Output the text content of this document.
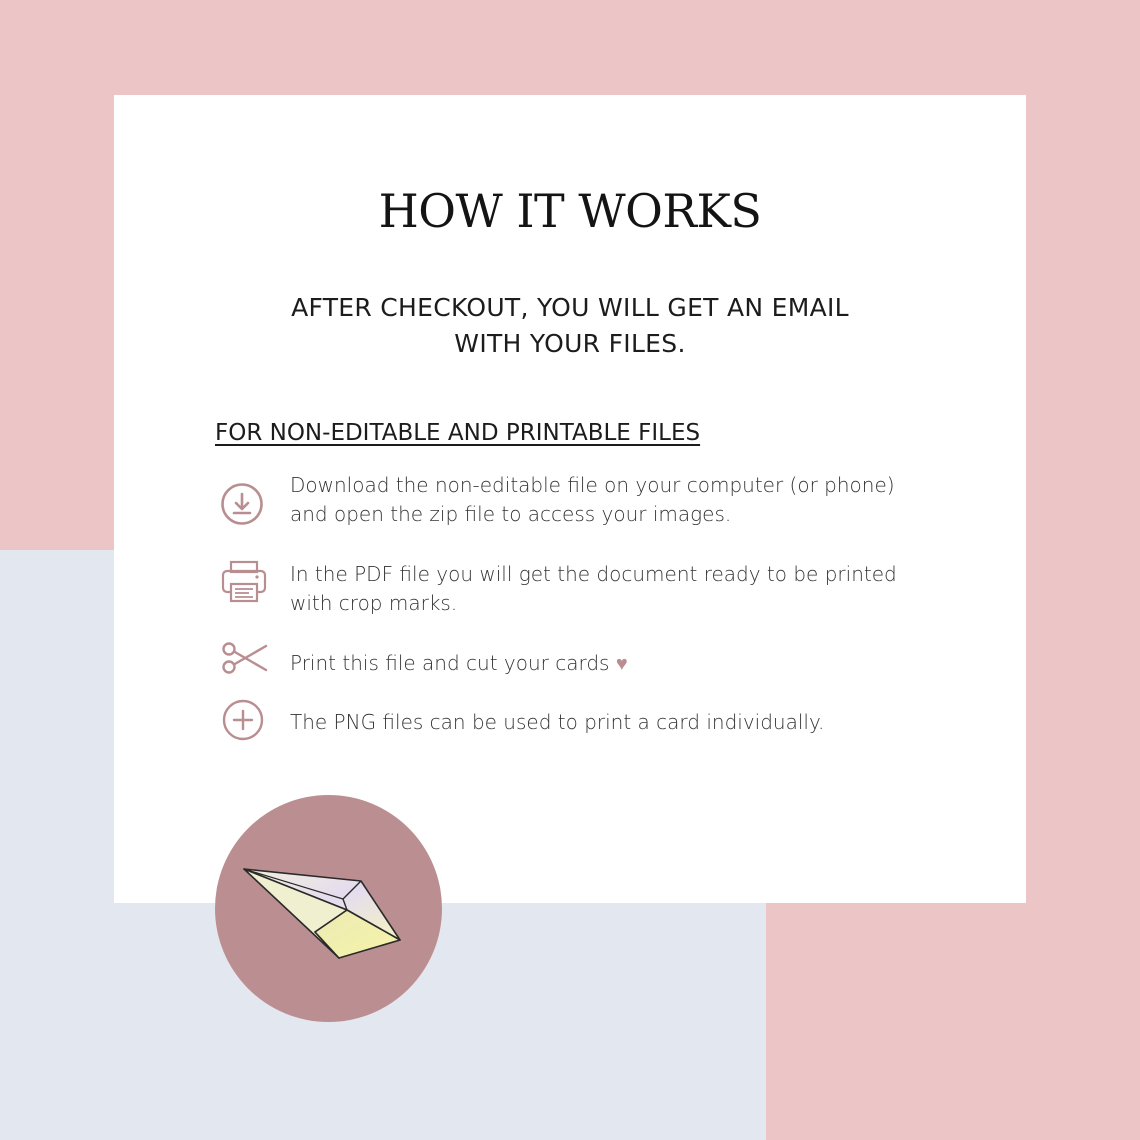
HOW IT WORKS
AFTER CHECKOUT, YOU WILL GET AN EMAIL
WITH YOUR FILES.
FOR NON-EDITABLE AND PRINTABLE FILES
Download the non-editable file on your computer (or phone)
and open the zip file to access your images.
In the PDF file you will get the document ready to be printed
with crop marks.
Print this file and cut your cards ♥
The PNG files can be used to print a card individually.
